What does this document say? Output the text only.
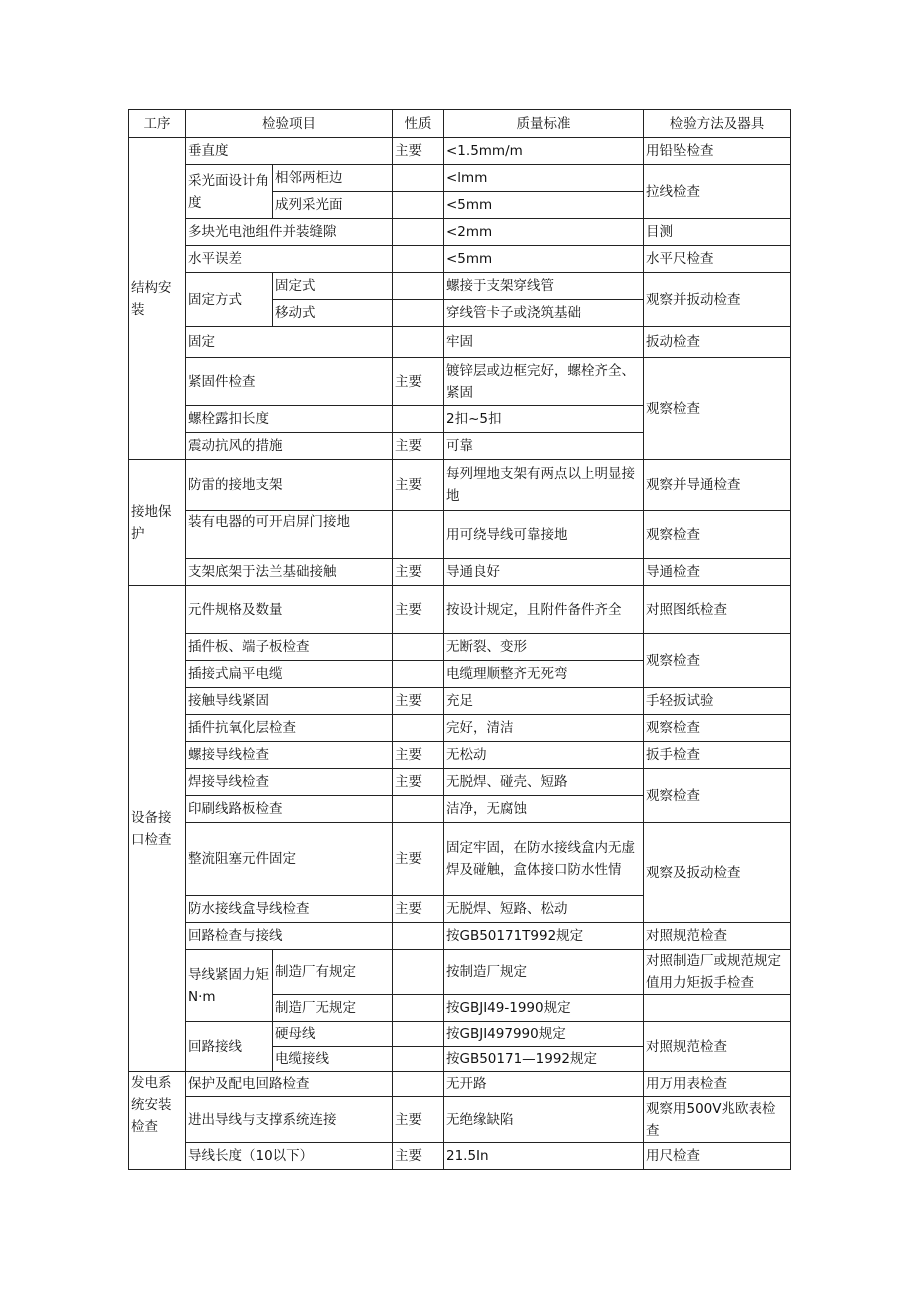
工序	检验项目		性质	质量标准	检验方法及器具
结构安装	垂直度		主要	<1.5mm∕m	用铅坠检查
	采光面设计角度	相邻两柜边		<lmm	拉线检查
		成列采光面		<5mm	
	多块光电池组件并装缝隙			<2mm	目测
	水平误差			<5mm	水平尺检查
	固定方式	固定式		螺接于支架穿线管	观察并扳动检查
		移动式		穿线管卡子或浇筑基础	
	固定			牢固	扳动检查
	紧固件检查		主要	镀锌层或边框完好，螺栓齐全、紧固	观察检查
	螺栓露扣长度			2扣~5扣	
	震动抗风的措施		主要	可靠	
接地保护	防雷的接地支架		主要	每列埋地支架有两点以上明显接地	观察并导通检查
	装有电器的可开启屏门接地			用可绕导线可靠接地	观察检查
	支架底架于法兰基础接触		主要	导通良好	导通检查
设备接口检查	元件规格及数量		主要	按设计规定，且附件备件齐全	对照图纸检查
	插件板、端子板检查			无断裂、变形	观察检查
	插接式扁平电缆			电缆理顺整齐无死弯	
	接触导线紧固		主要	充足	手轻扳试验
	插件抗氧化层检查			完好，清洁	观察检查
	螺接导线检查		主要	无松动	扳手检查
	焊接导线检查		主要	无脱焊、碰壳、短路	观察检查
	印刷线路板检查			洁净，无腐蚀	
	整流阻塞元件固定		主要	固定牢固，在防水接线盒内无虚焊及碰触，盒体接口防水性情	观察及扳动检查
	防水接线盒导线检查		主要	无脱焊、短路、松动	
	回路检查与接线			按GB50171T992规定	对照规范检查
	导线紧固力矩N·m	制造厂有规定		按制造厂规定	对照制造厂或规范规定值用力矩扳手检查
		制造厂无规定		按GBJI49-1990规定	
	回路接线	硬母线		按GBJI497990规定	对照规范检查
		电缆接线		按GB50171—1992规定	
发电系统安装检查	保护及配电回路检查			无开路	用万用表检查
	进出导线与支撑系统连接		主要	无绝缘缺陷	观察用500V兆欧表检查
	导线长度（10以下）		主要	21.5In	用尺检查
